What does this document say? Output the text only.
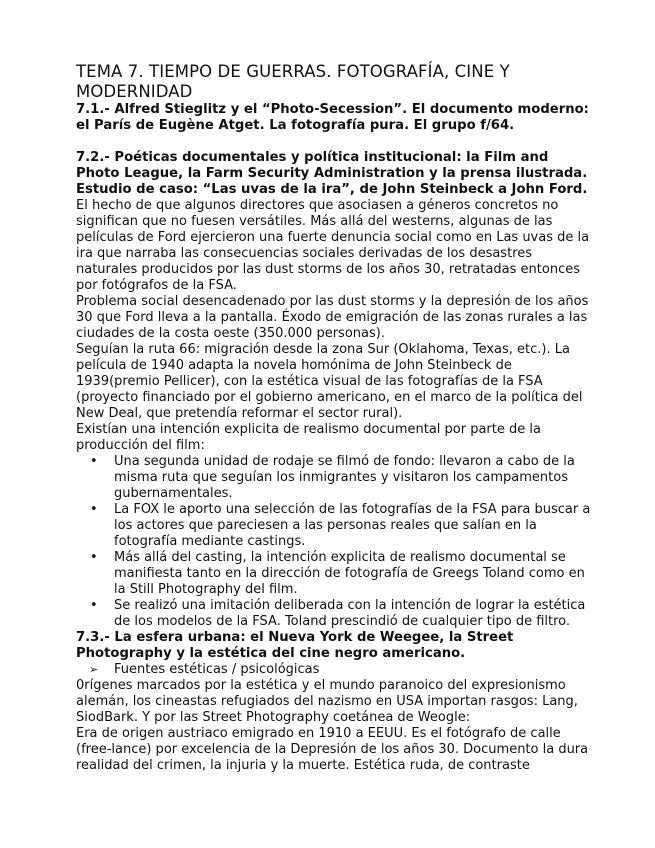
TEMA 7. TIEMPO DE GUERRAS. FOTOGRAFÍA, CINE Y MODERNIDAD

7.1.- Alfred Stieglitz y el “Photo-Secession”. El documento moderno: el París de Eugène Atget. La fotografía pura. El grupo f/64.

7.2.- Poéticas documentales y política institucional: la Film and Photo League, la Farm Security Administration y la prensa ilustrada. Estudio de caso: “Las uvas de la ira”, de John Steinbeck a John Ford.

El hecho de que algunos directores que asociasen a géneros concretos no significan que no fuesen versátiles. Más allá del westerns, algunas de las películas de Ford ejercieron una fuerte denuncia social como en Las uvas de la ira que narraba las consecuencias sociales derivadas de los desastres naturales producidos por las dust storms de los años 30, retratadas entonces por fotógrafos de la FSA.

Problema social desencadenado por las dust storms y la depresión de los años 30 que Ford lleva a la pantalla. Éxodo de emigración de las zonas rurales a las ciudades de la costa oeste (350.000 personas).

Seguían la ruta 66: migración desde la zona Sur (Oklahoma, Texas, etc.). La película de 1940 adapta la novela homónima de John Steinbeck de 1939(premio Pellicer), con la estética visual de las fotografías de la FSA (proyecto financiado por el gobierno americano, en el marco de la política del New Deal, que pretendía reformar el sector rural).

Existían una intención explicita de realismo documental por parte de la producción del film:

• Una segunda unidad de rodaje se filmó de fondo: llevaron a cabo de la misma ruta que seguían los inmigrantes y visitaron los campamentos gubernamentales.
• La FOX le aporto una selección de las fotografías de la FSA para buscar a los actores que pareciesen a las personas reales que salían en la fotografía mediante castings.
• Más allá del casting, la intención explicita de realismo documental se manifiesta tanto en la dirección de fotografía de Greegs Toland como en la Still Photography del film.
• Se realizó una imitación deliberada con la intención de lograr la estética de los modelos de la FSA. Toland prescindió de cualquier tipo de filtro.

7.3.- La esfera urbana: el Nueva York de Weegee, la Street Photography y la estética del cine negro americano.

➢ Fuentes estéticas / psicológicas

0rígenes marcados por la estética y el mundo paranoico del expresionismo alemán, los cineastas refugiados del nazismo en USA importan rasgos: Lang, SiodBark. Y por las Street Photography coetánea de Weogle:

Era de origen austriaco emigrado en 1910 a EEUU. Es el fotógrafo de calle (free-lance) por excelencia de la Depresión de los años 30. Documento la dura realidad del crimen, la injuria y la muerte. Estética ruda, de contraste
